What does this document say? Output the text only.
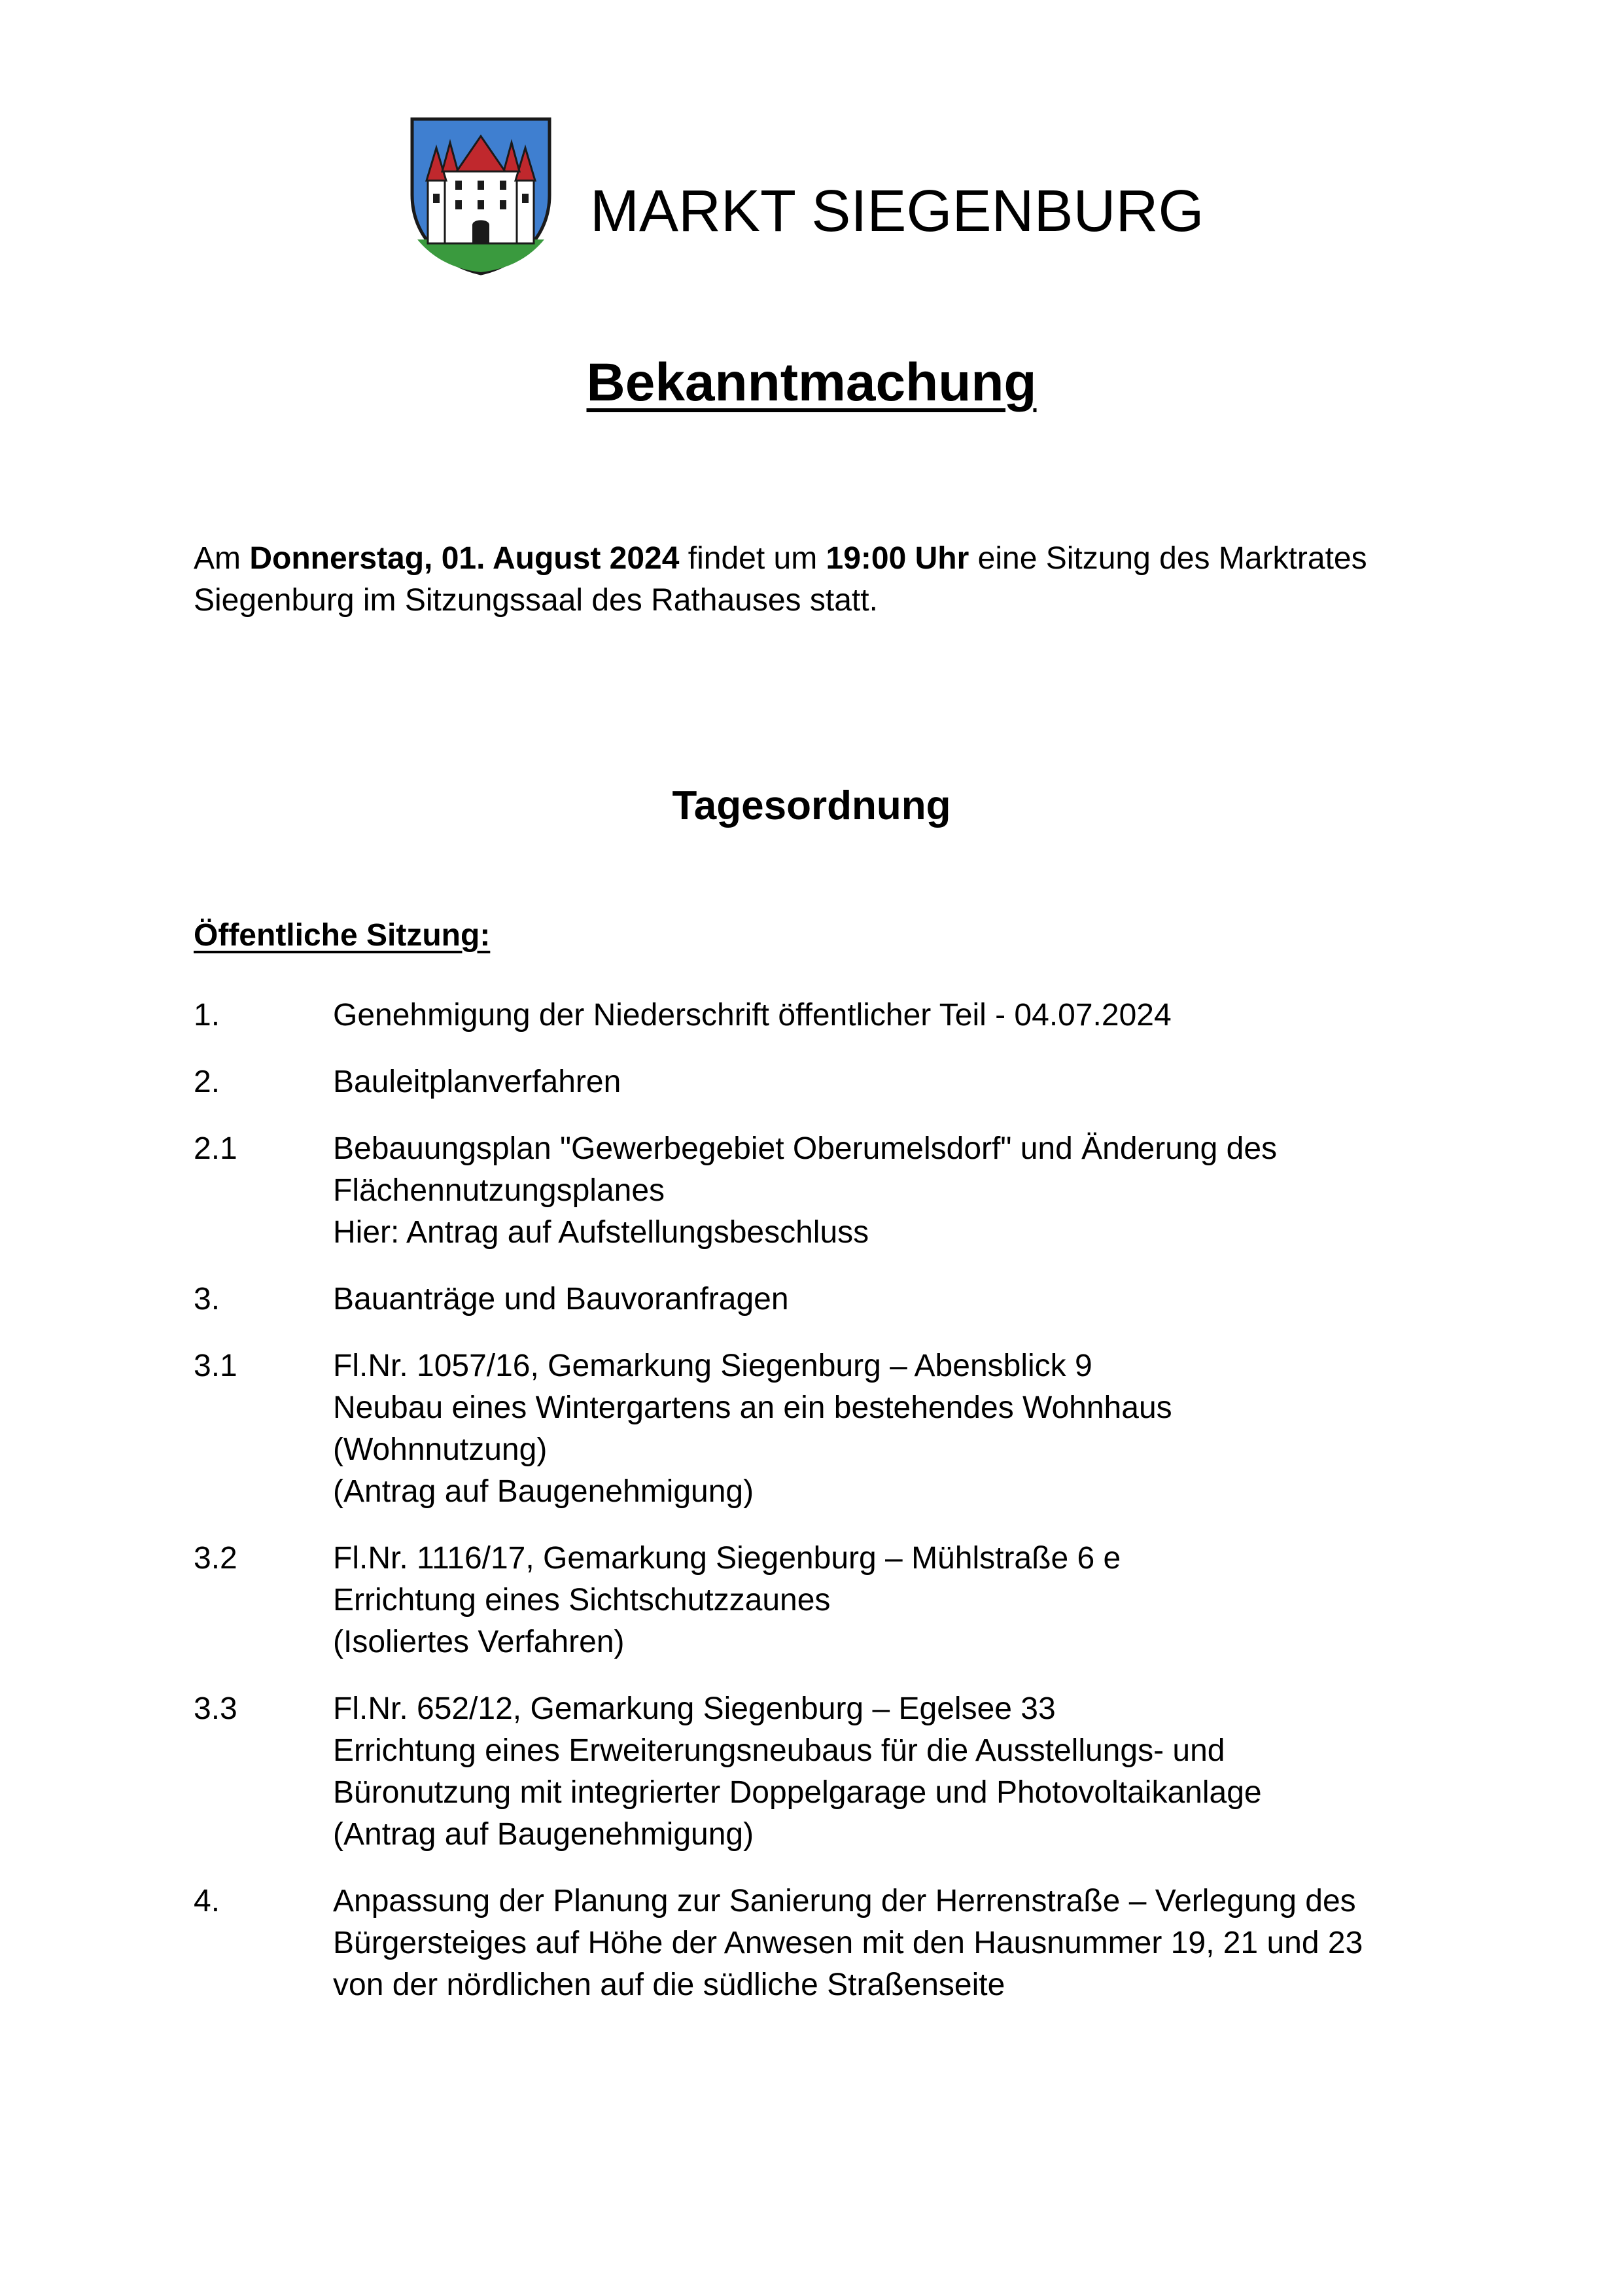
MARKT SIEGENBURG
Bekanntmachung
Am Donnerstag, 01. August 2024 findet um 19:00 Uhr eine Sitzung des Marktrates Siegenburg im Sitzungssaal des Rathauses statt.
Tagesordnung
Öffentliche Sitzung:
1.	Genehmigung der Niederschrift öffentlicher Teil - 04.07.2024
2.	Bauleitplanverfahren
2.1	Bebauungsplan "Gewerbegebiet Oberumelsdorf" und Änderung des
Flächennutzungsplanes
Hier: Antrag auf Aufstellungsbeschluss
3.	Bauanträge und Bauvoranfragen
3.1	Fl.Nr. 1057/16, Gemarkung Siegenburg – Abensblick 9
Neubau eines Wintergartens an ein bestehendes Wohnhaus
(Wohnnutzung)
(Antrag auf Baugenehmigung)
3.2	Fl.Nr. 1116/17, Gemarkung Siegenburg – Mühlstraße 6 e
Errichtung eines Sichtschutzzaunes
(Isoliertes Verfahren)
3.3	Fl.Nr. 652/12, Gemarkung Siegenburg – Egelsee 33
Errichtung eines Erweiterungsneubaus für die Ausstellungs- und
Büronutzung mit integrierter Doppelgarage und Photovoltaikanlage
(Antrag auf Baugenehmigung)
4.	Anpassung der Planung zur Sanierung der Herrenstraße – Verlegung des
Bürgersteiges auf Höhe der Anwesen mit den Hausnummer 19, 21 und 23
von der nördlichen auf die südliche Straßenseite
